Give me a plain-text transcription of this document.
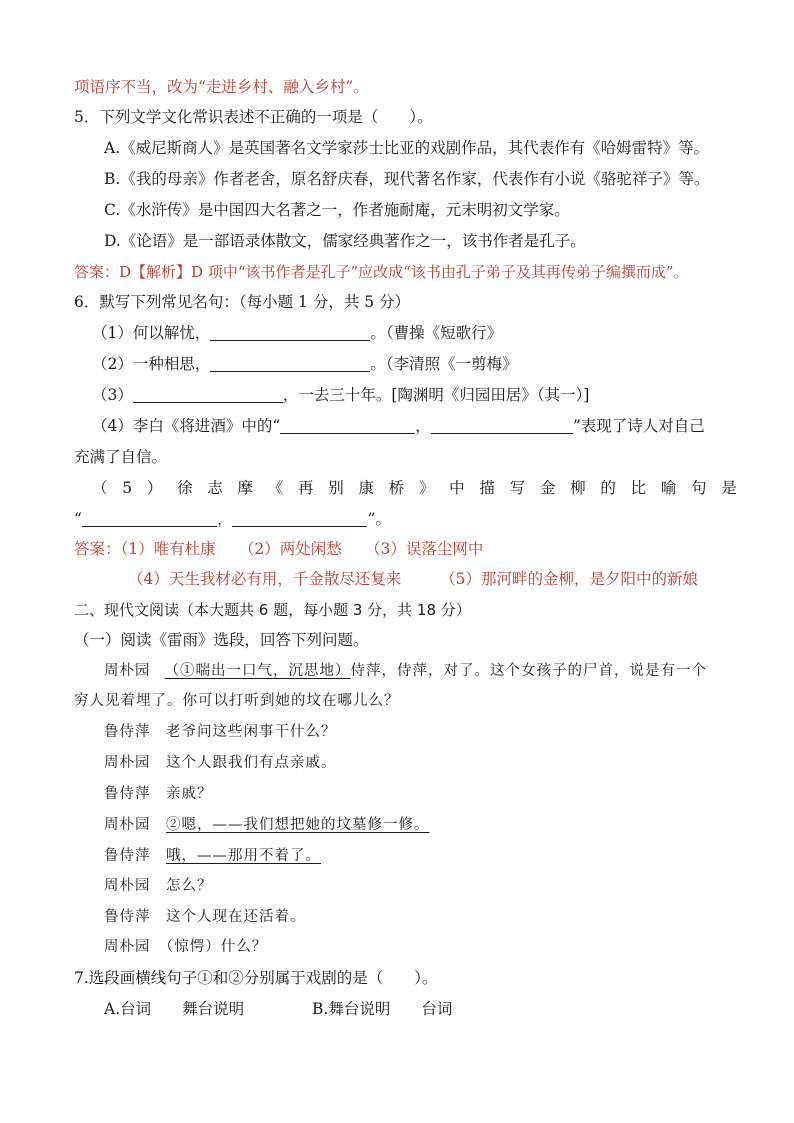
项语序不当，改为“走进乡村、融入乡村”。
5．下列文学文化常识表述不正确的一项是（　　）。
A.《威尼斯商人》是英国著名文学家莎士比亚的戏剧作品，其代表作有《哈姆雷特》等。
B.《我的母亲》作者老舍，原名舒庆春，现代著名作家，代表作有小说《骆驼祥子》等。
C.《水浒传》是中国四大名著之一，作者施耐庵，元末明初文学家。
D.《论语》是一部语录体散文，儒家经典著作之一，该书作者是孔子。
答案：D【解析】D 项中“该书作者是孔子”应改成“该书由孔子弟子及其再传弟子编撰而成”。
6．默写下列常见名句：（每小题 1 分，共 5 分）
（1）何以解忧，	。（曹操《短歌行》
（2）一种相思，	。（李清照《一剪梅》
（3）	，一去三十年。[陶渊明《归园田居》（其一）]
（4）李白《将进酒》中的“	，	”表现了诗人对自己
充满了自信。
（ 5 ） 徐 志 摩 《 再 别 康 桥 》 中 描 写 金 柳 的 比 喻 句 是
“	，	”。
答案：（1）唯有杜康　　（2）两处闲愁　　（3）误落尘网中
（4）天生我材必有用，千金散尽还复来　　　（5）那河畔的金柳，是夕阳中的新娘
二、现代文阅读（本大题共 6 题，每小题 3 分，共 18 分）
（一）阅读《雷雨》选段，回答下列问题。
周朴园 （①喘出一口气，沉思地）侍萍，侍萍，对了。这个女孩子的尸首，说是有一个
穷人见着埋了。你可以打听到她的坟在哪儿么？
鲁侍萍　老爷问这些闲事干什么？
周朴园　这个人跟我们有点亲戚。
鲁侍萍　亲戚？
周朴园　②嗯，——我们想把她的坟墓修一修。
鲁侍萍　哦，——那用不着了。
周朴园　怎么？
鲁侍萍　这个人现在还活着。
周朴园　（惊愕）什么？
7.选段画横线句子①和②分别属于戏剧的是（　　）。
A.台词　　舞台说明	B.舞台说明　　台词
